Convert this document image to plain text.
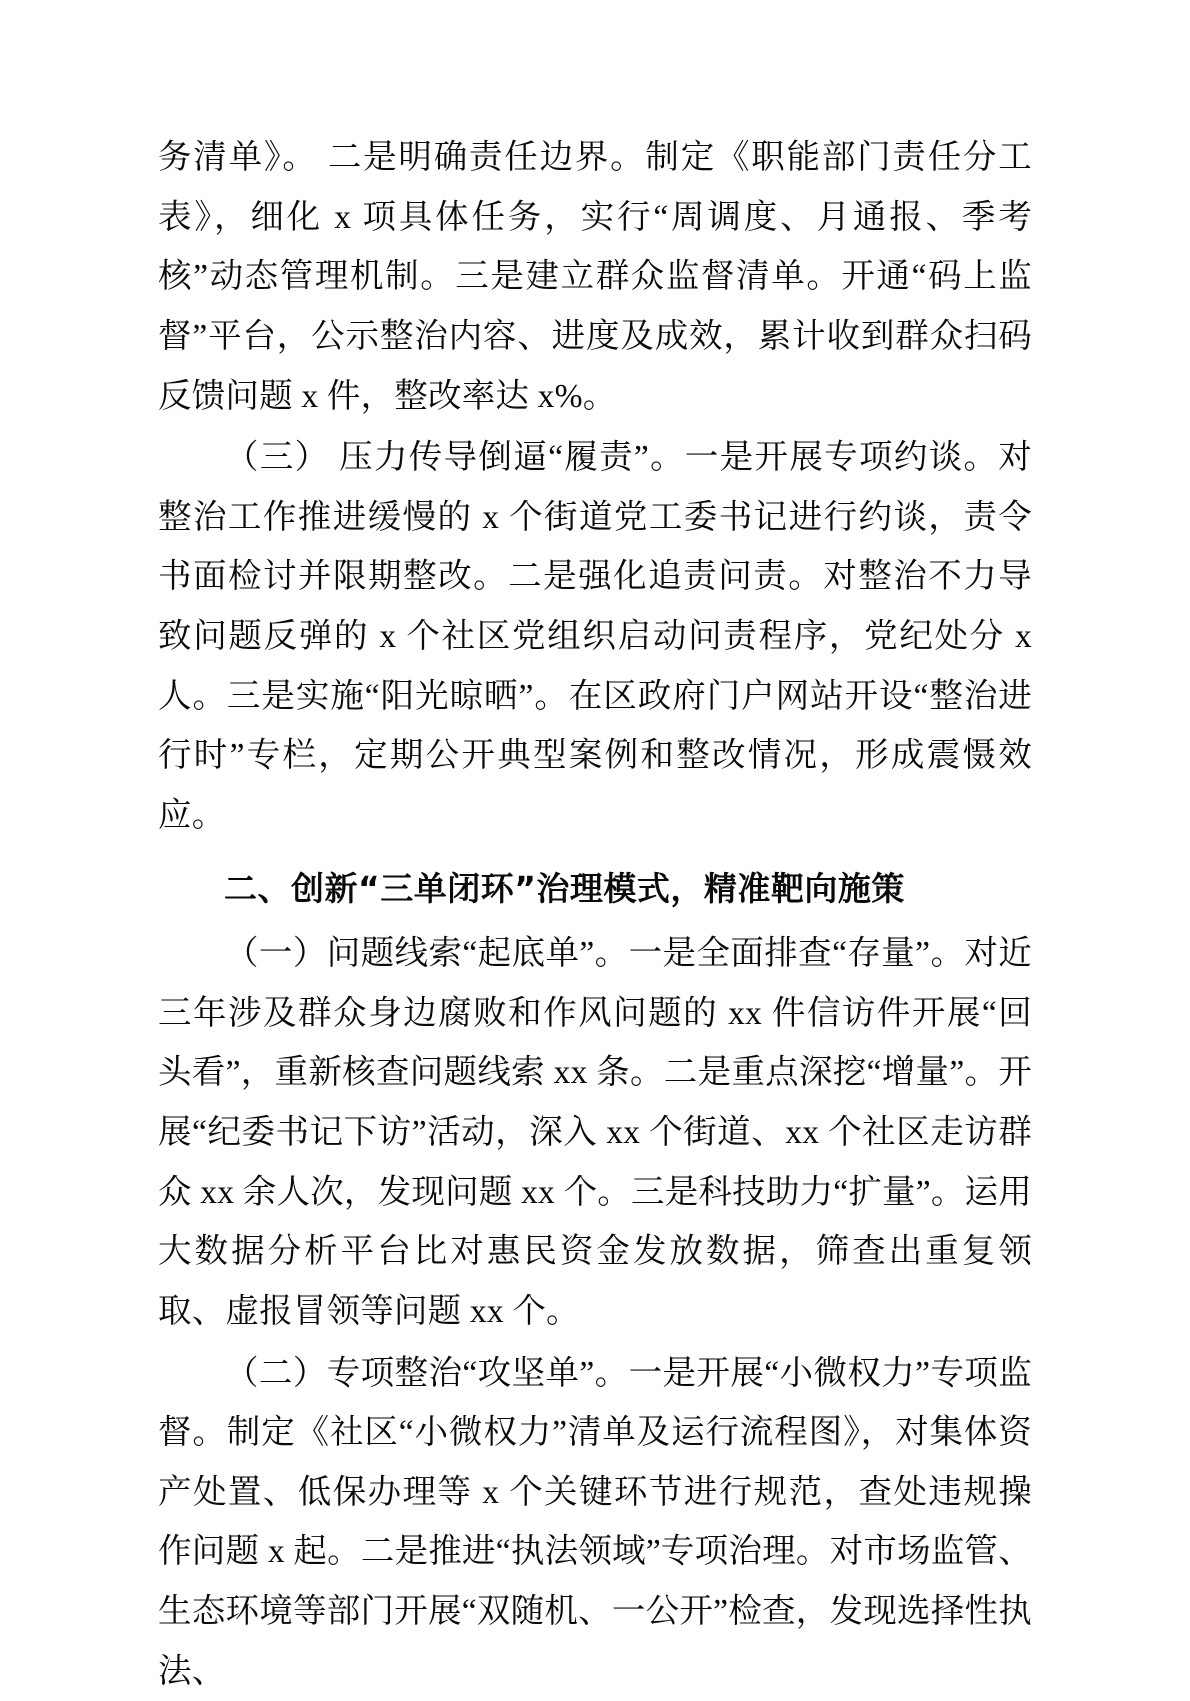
务清单》。 二是明确责任边界。制定《职能部门责任分工表》，细化 x 项具体任务，实行“周调度、月通报、季考核”动态管理机制。三是建立群众监督清单。开通“码上监督”平台，公示整治内容、进度及成效，累计收到群众扫码反馈问题 x 件，整改率达 x%。

（三） 压力传导倒逼“履责”。一是开展专项约谈。对整治工作推进缓慢的 x 个街道党工委书记进行约谈，责令书面检讨并限期整改。二是强化追责问责。对整治不力导致问题反弹的 x 个社区党组织启动问责程序，党纪处分 x 人。三是实施“阳光晾晒”。在区政府门户网站开设“整治进行时”专栏，定期公开典型案例和整改情况，形成震慑效应。

二、创新“三单闭环”治理模式，精准靶向施策

（一）问题线索“起底单”。一是全面排查“存量”。对近三年涉及群众身边腐败和作风问题的 xx 件信访件开展“回头看”，重新核查问题线索 xx 条。二是重点深挖“增量”。开展“纪委书记下访”活动，深入 xx 个街道、xx 个社区走访群众 xx 余人次，发现问题 xx 个。三是科技助力“扩量”。运用大数据分析平台比对惠民资金发放数据，筛查出重复领取、虚报冒领等问题 xx 个。

（二）专项整治“攻坚单”。一是开展“小微权力”专项监督。制定《社区“小微权力”清单及运行流程图》，对集体资产处置、低保办理等 x 个关键环节进行规范，查处违规操作问题 x 起。二是推进“执法领域”专项治理。对市场监管、生态环境等部门开展“双随机、一公开”检查，发现选择性执法、
